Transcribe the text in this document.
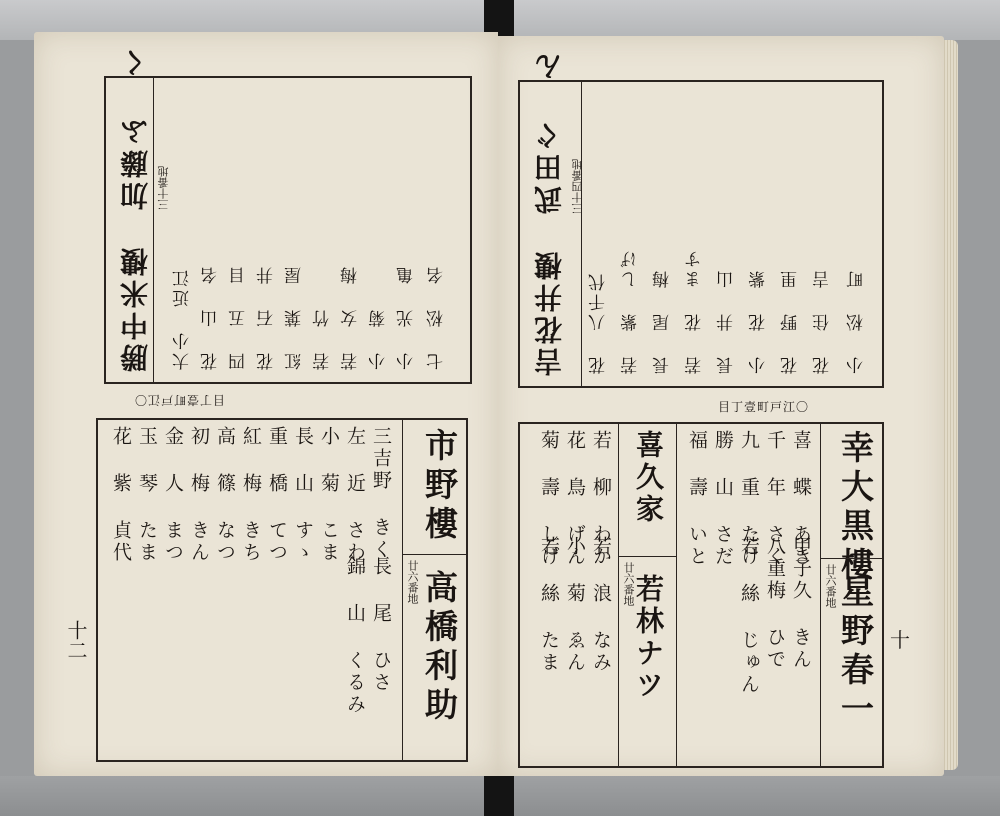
勝中米樓
加藤 三十番地
ふ く
大小 近江 花 山 名 四 五 目 花 石 井 紅 葉 屋 若 竹 若 女 梅 小 菊 小 光 亀 七 松 名
目丁壹町戸江〇
市野樓
廿六番地 高橋利助
三吉野 きく
長 尾 ひさ
左 近 さわ
錦 山 くるみ
小 菊 こま
長 山 すゝ
重 橋 てつ
紅 梅 きち
高 篠 なつ
初 梅 きん
金 人 まつ
玉 琴 たま
花 紫 貞代
十二
吉花井樓
武田 三十四番地
ぐ ん
花 八千代 若 紫 しげ 長 尾 梅 若 花 ます 長 井 山 小 花 紫 花 野 里 花 住 吉 小 松 町
目丁壹町戸江〇
幸大黒樓
廿六番地 星野春一
喜 蝶 あき
甲子久 きん
千 年 さく
八重梅 ひで
九 重 たけ
若 絲 じゅん
勝 山 さだ
福 壽 いと
喜久家
廿六番地
若林ナツ
若 柳 わか
若 浪 なみ
花 鳥 げん
小 菊 ゑん
菊 壽 しげ
若 絲 たま	十
